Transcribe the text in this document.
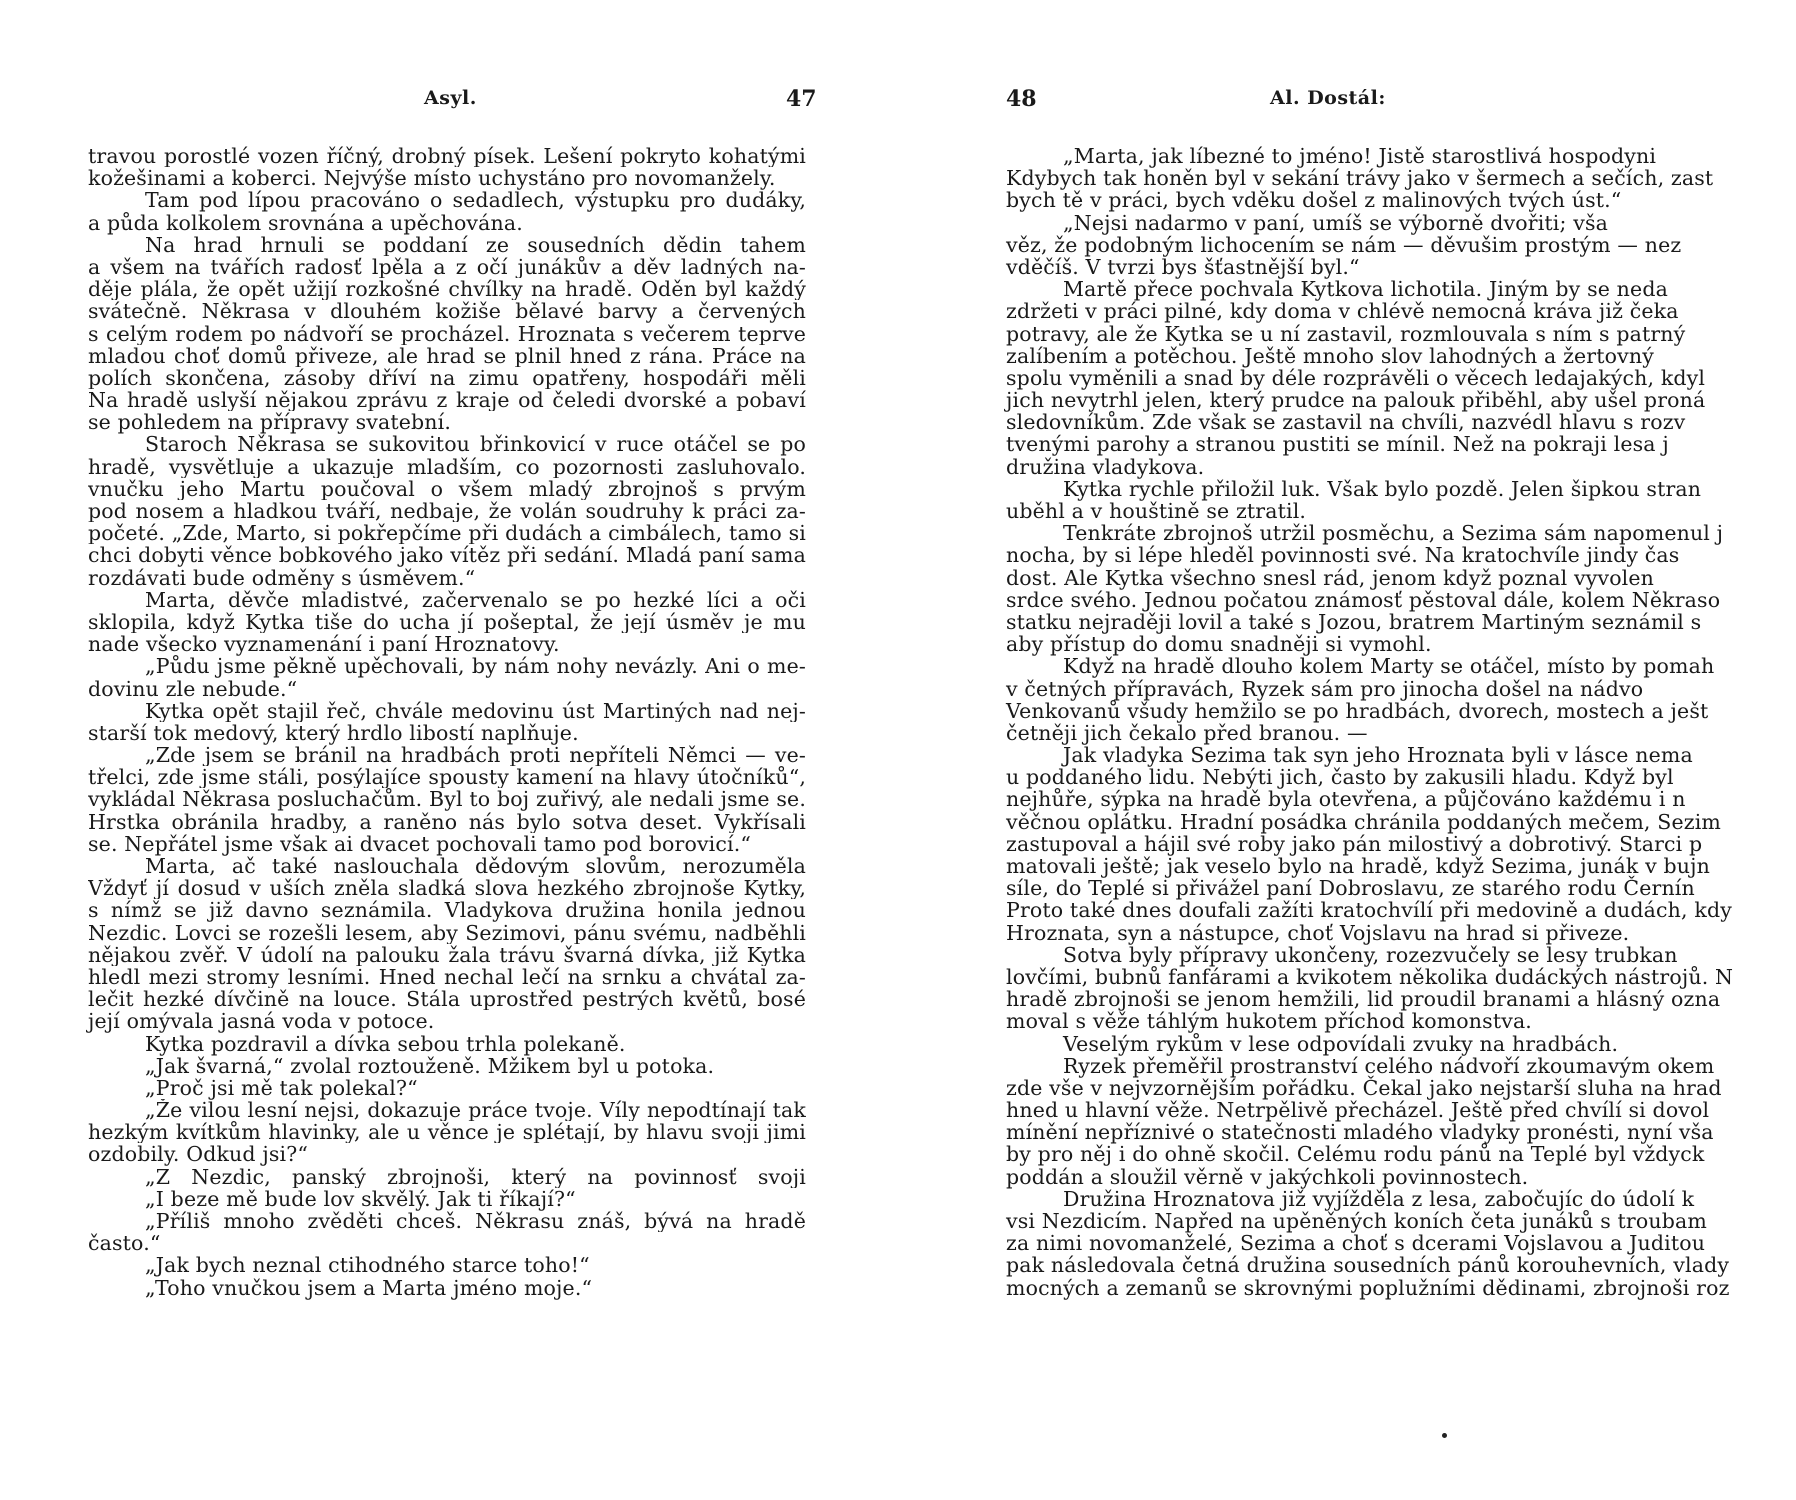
Asyl.	47
travou porostlé vozen říčný, drobný písek. Lešení pokryto kohatými
kožešinami a koberci. Nejvýše místo uchystáno pro novomanžely.
Tam pod lípou pracováno o sedadlech, výstupku pro dudáky,
a půda kolkolem srovnána a upěchována.
Na hrad hrnuli se poddaní ze sousedních dědin tahem
a všem na tvářích radosť lpěla a z očí junákův a děv ladných na-
děje plála, že opět užijí rozkošné chvílky na hradě. Oděn byl každý
svátečně. Někrasa v dlouhém kožiše bělavé barvy a červených
s celým rodem po nádvoří se procházel. Hroznata s večerem teprve
mladou choť domů přiveze, ale hrad se plnil hned z rána. Práce na
polích skončena, zásoby dříví na zimu opatřeny, hospodáři měli
Na hradě uslyší nějakou zprávu z kraje od čeledi dvorské a pobaví
se pohledem na přípravy svatební.
Staroch Někrasa se sukovitou břinkovicí v ruce otáčel se po
hradě, vysvětluje a ukazuje mladším, co pozornosti zasluhovalo.
vnučku jeho Martu poučoval o všem mladý zbrojnoš s prvým
pod nosem a hladkou tváří, nedbaje, že volán soudruhy k práci za-
početé. „Zde, Marto, si pokřepčíme při dudách a cimbálech, tamo si
chci dobyti věnce bobkového jako vítěz při sedání. Mladá paní sama
rozdávati bude odměny s úsměvem.“
Marta, děvče mladistvé, začervenalo se po hezké líci a oči
sklopila, když Kytka tiše do ucha jí pošeptal, že její úsměv je mu
nade všecko vyznamenání i paní Hroznatovy.
„Půdu jsme pěkně upěchovali, by nám nohy nevázly. Ani o me-
dovinu zle nebude.“
Kytka opět stajil řeč, chvále medovinu úst Martiných nad nej-
starší tok medový, který hrdlo libostí naplňuje.
„Zde jsem se bránil na hradbách proti nepříteli Němci — ve-
třelci, zde jsme stáli, posýlajíce spousty kamení na hlavy útočníků“,
vykládal Někrasa posluchačům. Byl to boj zuřivý, ale nedali jsme se.
Hrstka obránila hradby, a raněno nás bylo sotva deset. Vykřísali
se. Nepřátel jsme však ai dvacet pochovali tamo pod borovicí.“
Marta, ač také naslouchala dědovým slovům, nerozuměla
Vždyť jí dosud v uších zněla sladká slova hezkého zbrojnoše Kytky,
s nímž se již davno seznámila. Vladykova družina honila jednou
Nezdic. Lovci se rozešli lesem, aby Sezimovi, pánu svému, nadběhli
nějakou zvěř. V údolí na palouku žala trávu švarná dívka, již Kytka
hledl mezi stromy lesními. Hned nechal lečí na srnku a chvátal za-
lečit hezké dívčině na louce. Stála uprostřed pestrých květů, bosé
její omývala jasná voda v potoce.
Kytka pozdravil a dívka sebou trhla polekaně.
„Jak švarná,“ zvolal roztouženě. Mžikem byl u potoka.
„Proč jsi mě tak polekal?“
„Že vilou lesní nejsi, dokazuje práce tvoje. Víly nepodtínají tak
hezkým kvítkům hlavinky, ale u věnce je splétají, by hlavu svoji jimi
ozdobily. Odkud jsi?“
„Z Nezdic, panský zbrojnoši, který na povinnosť svoji
„I beze mě bude lov skvělý. Jak ti říkají?“
„Příliš mnoho zvěděti chceš. Někrasu znáš, bývá na hradě
často.“
„Jak bych neznal ctihodného starce toho!“
„Toho vnučkou jsem a Marta jméno moje.“
48	Al. Dostál:
„Marta, jak líbezné to jméno! Jistě starostlivá hospodyni
Kdybych tak honěn byl v sekání trávy jako v šermech a sečích, zast
bych tě v práci, bych vděku došel z malinových tvých úst.“
„Nejsi nadarmo v paní, umíš se výborně dvořiti; vša
věz, že podobným lichocením se nám — děvušim prostým — nez
vděčíš. V tvrzi bys šťastnější byl.“
Martě přece pochvala Kytkova lichotila. Jiným by se neda
zdržeti v práci pilné, kdy doma v chlévě nemocná kráva již čeka
potravy, ale že Kytka se u ní zastavil, rozmlouvala s ním s patrný
zalíbením a potěchou. Ještě mnoho slov lahodných a žertovný
spolu vyměnili a snad by déle rozprávěli o věcech ledajakých, kdyl
jich nevytrhl jelen, který prudce na palouk přiběhl, aby ušel proná
sledovníkům. Zde však se zastavil na chvíli, nazvédl hlavu s rozv
tvenými parohy a stranou pustiti se mínil. Než na pokraji lesa j
družina vladykova.
Kytka rychle přiložil luk. Však bylo pozdě. Jelen šipkou stran
uběhl a v houštině se ztratil.
Tenkráte zbrojnoš utržil posměchu, a Sezima sám napomenul j
nocha, by si lépe hleděl povinnosti své. Na kratochvíle jindy čas
dost. Ale Kytka všechno snesl rád, jenom když poznal vyvolen
srdce svého. Jednou počatou známosť pěstoval dále, kolem Někraso
statku nejraději lovil a také s Jozou, bratrem Martiným seznámil s
aby přístup do domu snadněji si vymohl.
Když na hradě dlouho kolem Marty se otáčel, místo by pomah
v četných přípravách, Ryzek sám pro jinocha došel na nádvo
Venkovanů všudy hemžilo se po hradbách, dvorech, mostech a ješt
četněji jich čekalo před branou. —
Jak vladyka Sezima tak syn jeho Hroznata byli v lásce nema
u poddaného lidu. Nebýti jich, často by zakusili hladu. Když byl
nejhůře, sýpka na hradě byla otevřena, a půjčováno každému i n
věčnou oplátku. Hradní posádka chránila poddaných mečem, Sezim
zastupoval a hájil své roby jako pán milostivý a dobrotivý. Starci p
matovali ještě; jak veselo bylo na hradě, když Sezima, junák v bujn
síle, do Teplé si přivážel paní Dobroslavu, ze starého rodu Černín
Proto také dnes doufali zažíti kratochvílí při medovině a dudách, kdy
Hroznata, syn a nástupce, choť Vojslavu na hrad si přiveze.
Sotva byly přípravy ukončeny, rozezvučely se lesy trubkan
lovčími, bubnů fanfárami a kvikotem několika dudáckých nástrojů. N
hradě zbrojnoši se jenom hemžili, lid proudil branami a hlásný ozna
moval s věže táhlým hukotem příchod komonstva.
Veselým rykům v lese odpovídali zvuky na hradbách.
Ryzek přeměřil prostranství celého nádvoří zkoumavým okem
zde vše v nejvzornějším pořádku. Čekal jako nejstarší sluha na hrad
hned u hlavní věže. Netrpělivě přecházel. Ještě před chvílí si dovol
mínění nepříznivé o statečnosti mladého vladyky pronésti, nyní vša
by pro něj i do ohně skočil. Celému rodu pánů na Teplé byl vždyck
poddán a sloužil věrně v jakýchkoli povinnostech.
Družina Hroznatova již vyjížděla z lesa, zabočujíc do údolí k
vsi Nezdicím. Napřed na upěněných koních četa junáků s troubam
za nimi novomanželé, Sezima a choť s dcerami Vojslavou a Juditou
pak následovala četná družina sousedních pánů korouhevních, vlady
mocných a zemanů se skrovnými poplužními dědinami, zbrojnoši roz
